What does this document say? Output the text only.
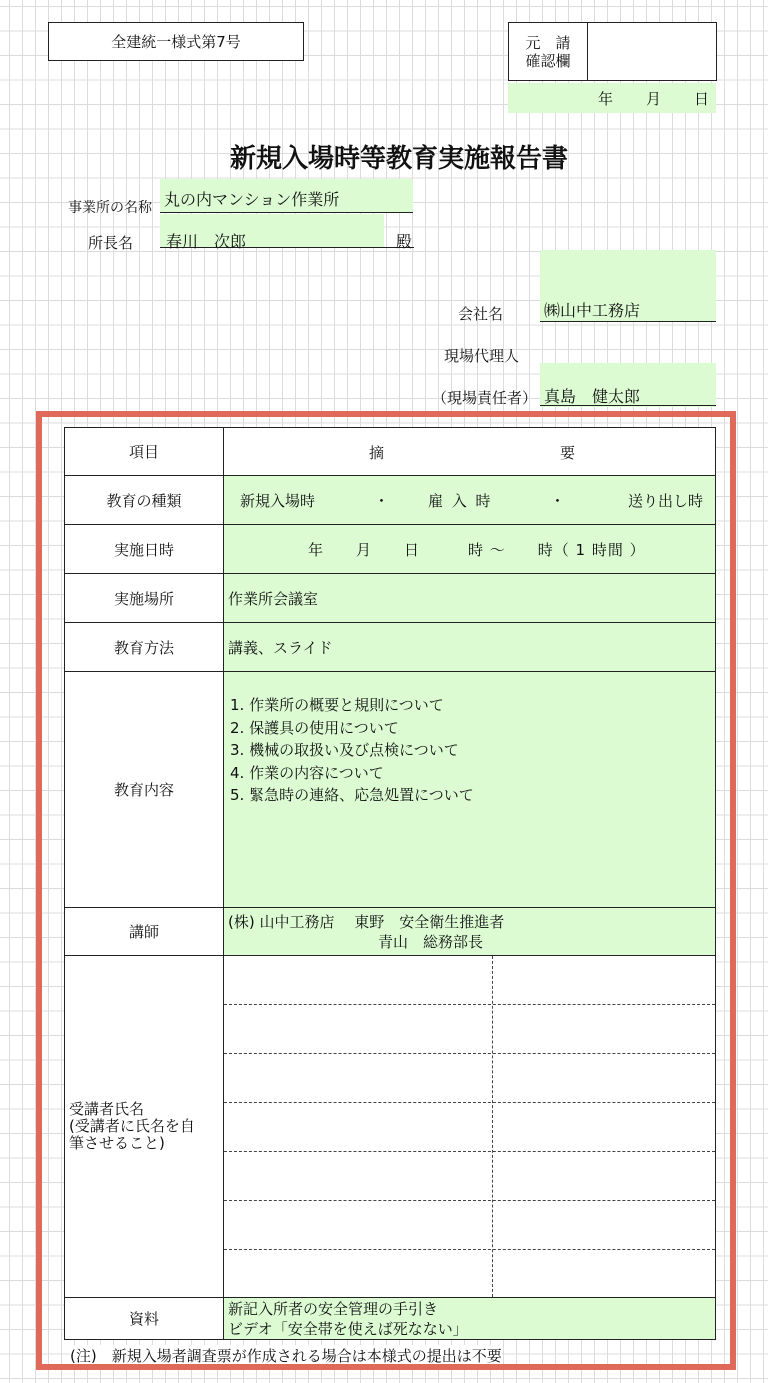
全建統一様式第7号	元　請
確認欄
年　　月　　日
新規入場時等教育実施報告書
事業所の名称 丸の内マンション作業所
所長名 春川　次郎	殿
会社名	㈱山中工務店
現場代理人
（現場責任者） 真島　健太郎
項目	摘 要

教育の種類	新規入場時 ・ 雇 入 時 ・ 送り出し時

実施日時	年　　月　　日　　　時 ～　　時（ 1 時間 ）
実施場所	作業所会議室
教育方法	講義、スライド
教育内容	1. 作業所の概要と規則について
2. 保護具の使用について
3. 機械の取扱い及び点検について
4. 作業の内容について
5. 緊急時の連絡、応急処置について

講師	(株) 山中工務店　 東野　安全衛生推進者
青山　総務部長

受講者氏名
(受講者に氏名を自
筆させること)	

資料	新記入所者の安全管理の手引き
ビデオ「安全帯を使えば死なない」
(注)　新規入場者調査票が作成される場合は本様式の提出は不要
